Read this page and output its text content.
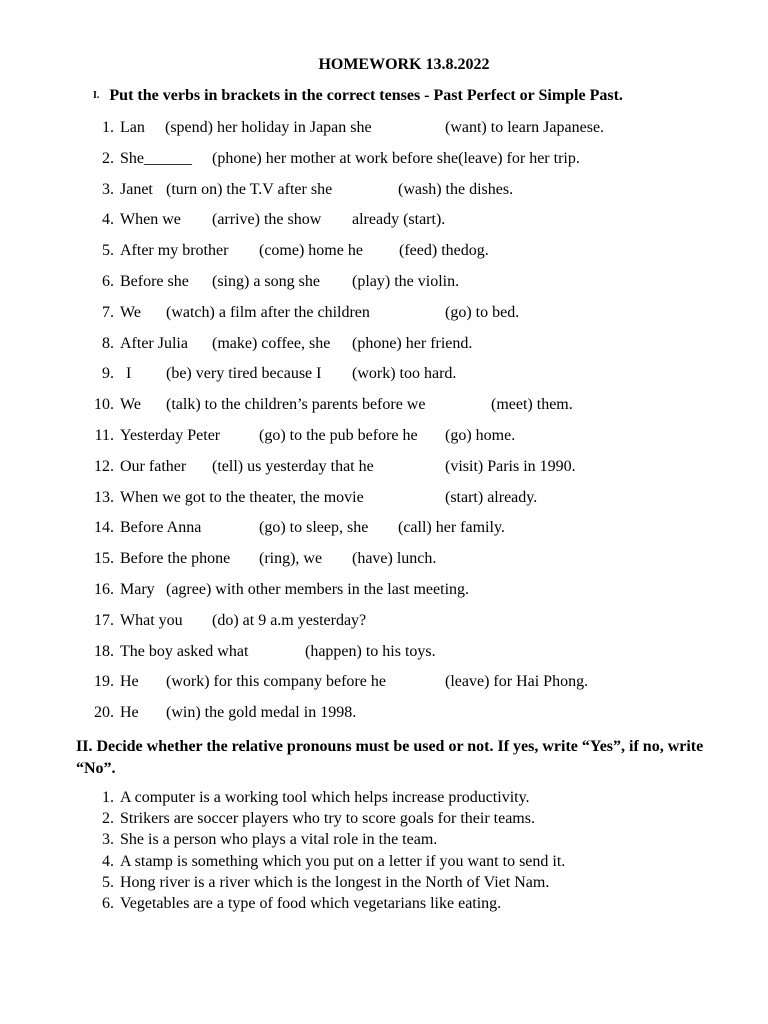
HOMEWORK 13.8.2022
I. Put the verbs in brackets in the correct tenses - Past Perfect or Simple Past.
1. Lan (spend) her holiday in Japan she	(want) to learn Japanese.
2. She______ (phone) her mother at work before she(leave) for her trip.
3. Janet (turn on) the T.V after she	(wash) the dishes.
4. When we (arrive) the show already (start).
5. After my brother (come) home he (feed) thedog.
6. Before she (sing) a song she (play) the violin.
7. We (watch) a film after the children	(go) to bed.
8. After Julia (make) coffee, she (phone) her friend.
9. I (be) very tired because I (work) too hard.
10. We (talk) to the children’s parents before we	(meet) them.
11. Yesterday Peter (go) to the pub before he (go) home.
12. Our father (tell) us yesterday that he	(visit) Paris in 1990.
13. When we got to the theater, the movie	(start) already.
14. Before Anna	(go) to sleep, she (call) her family.
15. Before the phone (ring), we (have) lunch.
16. Mary (agree) with other members in the last meeting.
17. What you (do) at 9 a.m yesterday?
18. The boy asked what	(happen) to his toys.
19. He (work) for this company before he	(leave) for Hai Phong.
20. He (win) the gold medal in 1998.
II. Decide whether the relative pronouns must be used or not. If yes, write “Yes”, if no, write “No”.
1. A computer is a working tool which helps increase productivity.
2. Strikers are soccer players who try to score goals for their teams.
3. She is a person who plays a vital role in the team.
4. A stamp is something which you put on a letter if you want to send it.
5. Hong river is a river which is the longest in the North of Viet Nam.
6. Vegetables are a type of food which vegetarians like eating.
